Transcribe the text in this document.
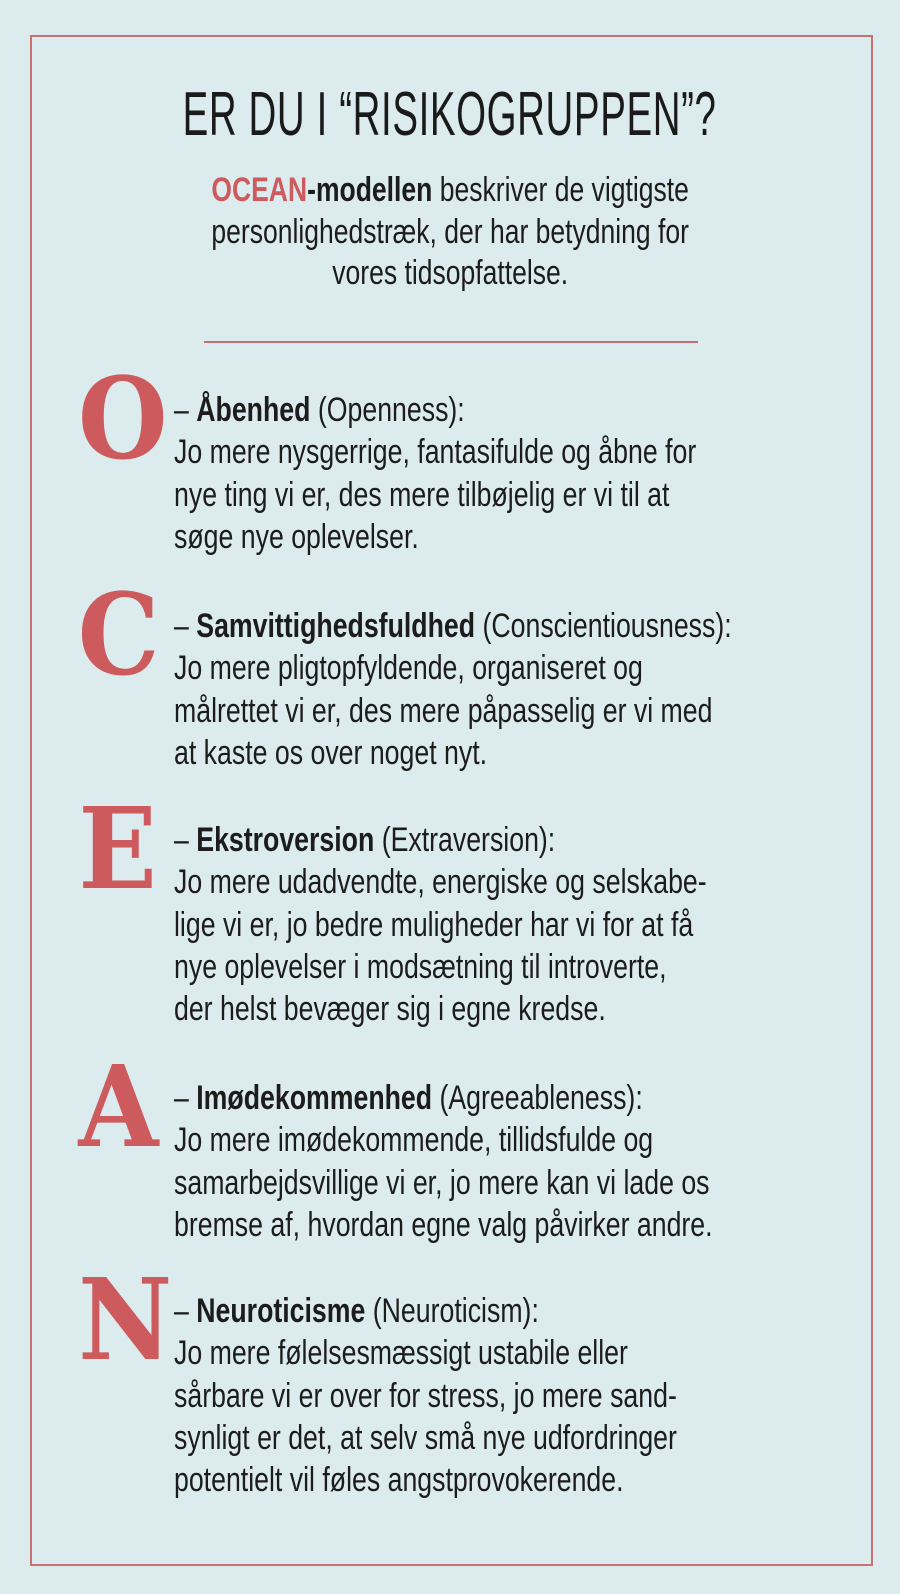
ER DU I “RISIKOGRUPPEN”?
OCEAN-modellen beskriver de vigtigste
personlighedstræk, der har betydning for
vores tidsopfattelse.
O – Åbenhed (Openness):
Jo mere nysgerrige, fantasifulde og åbne for
nye ting vi er, des mere tilbøjelig er vi til at
søge nye oplevelser.
C – Samvittighedsfuldhed (Conscientiousness):
Jo mere pligtopfyldende, organiseret og
målrettet vi er, des mere påpasselig er vi med
at kaste os over noget nyt.
E – Ekstroversion (Extraversion):
Jo mere udadvendte, energiske og selskabe-
lige vi er, jo bedre muligheder har vi for at få
nye oplevelser i modsætning til introverte,
der helst bevæger sig i egne kredse.
A – Imødekommenhed (Agreeableness):
Jo mere imødekommende, tillidsfulde og
samarbejdsvillige vi er, jo mere kan vi lade os
bremse af, hvordan egne valg påvirker andre.
N – Neuroticisme (Neuroticism):
Jo mere følelsesmæssigt ustabile eller
sårbare vi er over for stress, jo mere sand-
synligt er det, at selv små nye udfordringer
potentielt vil føles angstprovokerende.
